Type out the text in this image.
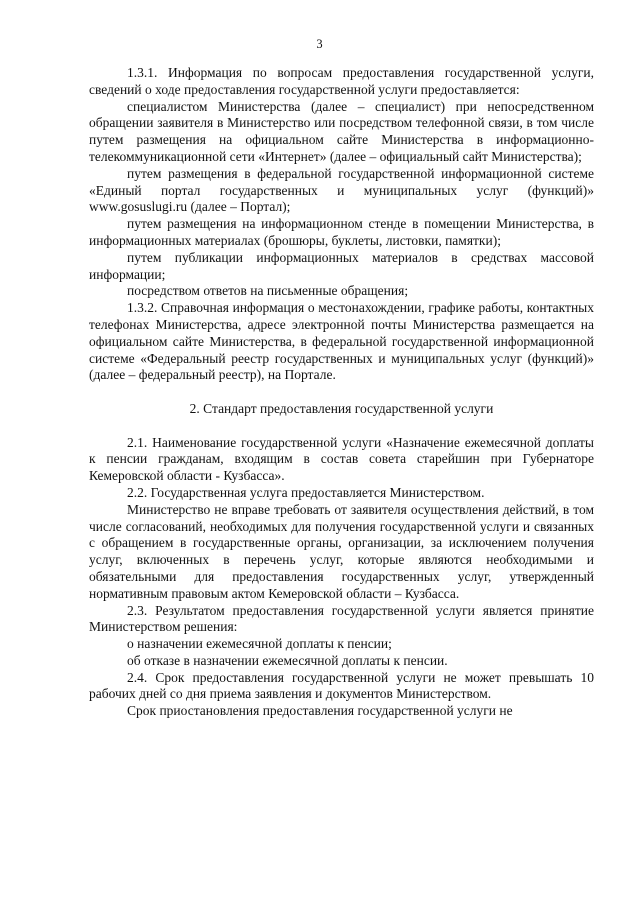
3

1.3.1. Информация по вопросам предоставления государственной услуги, сведений о ходе предоставления государственной услуги предоставляется:

специалистом Министерства (далее – специалист) при непосредственном обращении заявителя в Министерство или посредством телефонной связи, в том числе путем размещения на официальном сайте Министерства в информационно-телекоммуникационной сети «Интернет» (далее – официальный сайт Министерства);

путем размещения в федеральной государственной информационной системе «Единый портал государственных и муниципальных услуг (функций)» www.gosuslugi.ru (далее – Портал);

путем размещения на информационном стенде в помещении Министерства, в информационных материалах (брошюры, буклеты, листовки, памятки);

путем публикации информационных материалов в средствах массовой информации;

посредством ответов на письменные обращения;

1.3.2. Справочная информация о местонахождении, графике работы, контактных телефонах Министерства, адресе электронной почты Министерства размещается на официальном сайте Министерства, в федеральной государственной информационной системе «Федеральный реестр государственных и муниципальных услуг (функций)» (далее – федеральный реестр), на Портале.

2. Стандарт предоставления государственной услуги

2.1. Наименование государственной услуги «Назначение ежемесячной доплаты к пенсии гражданам, входящим в состав совета старейшин при Губернаторе Кемеровской области - Кузбасса».

2.2. Государственная услуга предоставляется Министерством.

Министерство не вправе требовать от заявителя осуществления действий, в том числе согласований, необходимых для получения государственной услуги и связанных с обращением в государственные органы, организации, за исключением получения услуг, включенных в перечень услуг, которые являются необходимыми и обязательными для предоставления государственных услуг, утвержденный нормативным правовым актом Кемеровской области – Кузбасса.

2.3. Результатом предоставления государственной услуги является принятие Министерством решения:

о назначении ежемесячной доплаты к пенсии;

об отказе в назначении ежемесячной доплаты к пенсии.

2.4. Срок предоставления государственной услуги не может превышать 10 рабочих дней со дня приема заявления и документов Министерством.

Срок приостановления предоставления государственной услуги не
